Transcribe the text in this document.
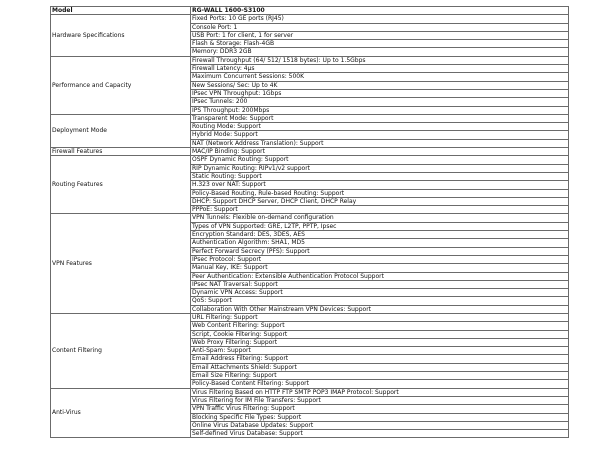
Model	RG-WALL 1600-S3100
Hardware Specifications	Fixed Ports: 10 GE ports (RJ45)
	Console Port: 1
	USB Port: 1 for client, 1 for server
	Flash & Storage: Flash-4GB
	Memory: DDR3 2GB
Performance and Capacity	Firewall Throughput (64/ 512/ 1518 bytes): Up to 1.5Gbps
	Firewall Latency: 4μs
	Maximum Concurrent Sessions: 500K
	New Sessions/ Sec: Up to 4K
	IPsec VPN Throughput: 1Gbps
	IPsec Tunnels: 200
	IPS Throughput: 200Mbps
Deployment Mode	Transparent Mode: Support
	Routing Mode: Support
	Hybrid Mode: Support
	NAT (Network Address Translation): Support
Firewall Features	MAC/IP Binding: Support
Routing Features	OSPF Dynamic Routing: Support
	RIP Dynamic Routing: RIPv1/v2 support
	Static Routing: Support
	H.323 over NAT: Support
	Policy-Based Routing, Rule-based Routing: Support
	DHCP: Support DHCP Server, DHCP Client, DHCP Relay
	PPPoE: Support
VPN Features	VPN Tunnels: Flexible on-demand configuration
	Types of VPN Supported: GRE, L2TP, PPTP, Ipsec
	Encryption Standard: DES, 3DES, AES
	Authentication Algorithm: SHA1, MD5
	Perfect Forward Secrecy (PFS): Support
	IPsec Protocol: Support
	Manual Key, IKE: Support
	Peer Authentication: Extensible Authentication Protocol Support
	IPsec NAT Traversal: Support
	Dynamic VPN Access: Support
	QoS: Support
	Collaboration With Other Mainstream VPN Devices: Support
Content Filtering	URL Filtering: Support
	Web Content Filtering: Support
	Script, Cookie Filtering: Support
	Web Proxy Filtering: Support
	Anti-Spam: Support
	Email Address Filtering: Support
	Email Attachments Shield: Support
	Email Size Filtering: Support
	Policy-Based Content Filtering: Support
Anti-Virus	Virus Filtering Based on HTTP FTP SMTP POP3 IMAP Protocol: Support
	Virus Filtering for IM File Transfers: Support
	VPN Traffic Virus Filtering: Support
	Blocking Specific File Types: Support
	Online Virus Database Updates: Support
	Self-defined Virus Database: Support
